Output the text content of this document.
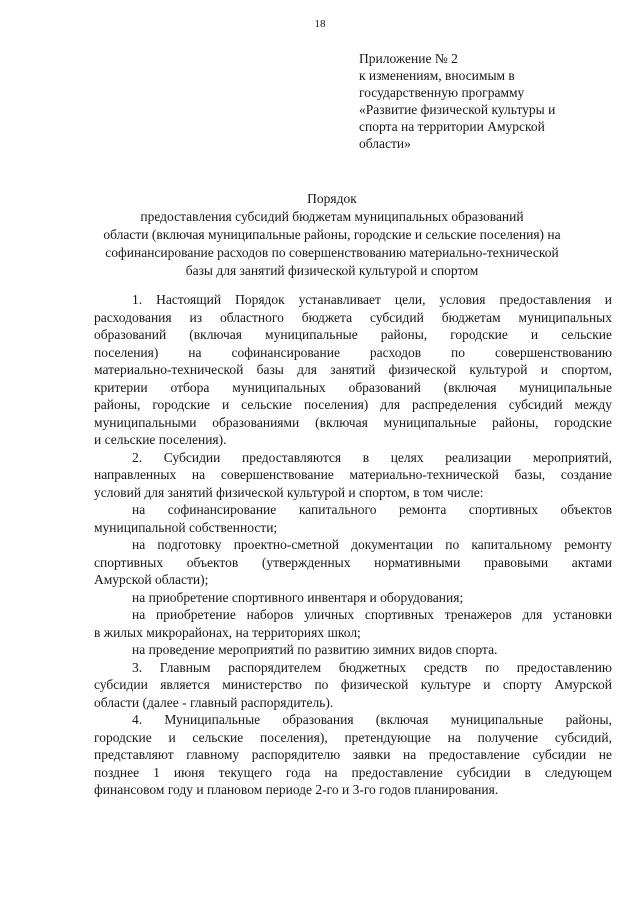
18
Приложение № 2
к изменениям, вносимым в
государственную программу
«Развитие физической культуры и
спорта на территории Амурской
области»
Порядок
предоставления субсидий бюджетам муниципальных образований
области (включая муниципальные районы, городские и сельские поселения) на
софинансирование расходов по совершенствованию материально-технической
базы для занятий физической культурой и спортом

1. Настоящий Порядок устанавливает цели, условия предоставления и
расходования из областного бюджета субсидий бюджетам муниципальных
образований (включая муниципальные районы, городские и сельские
поселения) на софинансирование расходов по совершенствованию
материально-технической базы для занятий физической культурой и спортом,
критерии отбора муниципальных образований (включая муниципальные
районы, городские и сельские поселения) для распределения субсидий между
муниципальными образованиями (включая муниципальные районы, городские
и сельские поселения).

2. Субсидии предоставляются в целях реализации мероприятий,
направленных на совершенствование материально-технической базы, создание
условий для занятий физической культурой и спортом, в том числе:

на софинансирование капитального ремонта спортивных объектов
муниципальной собственности;

на подготовку проектно-сметной документации по капитальному ремонту
спортивных объектов (утвержденных нормативными правовыми актами
Амурской области);

на приобретение спортивного инвентаря и оборудования;

на приобретение наборов уличных спортивных тренажеров для установки
в жилых микрорайонах, на территориях школ;

на проведение мероприятий по развитию зимних видов спорта.

3. Главным распорядителем бюджетных средств по предоставлению
субсидии является министерство по физической культуре и спорту Амурской
области (далее - главный распорядитель).

4. Муниципальные образования (включая муниципальные районы,
городские и сельские поселения), претендующие на получение субсидий,
представляют главному распорядителю заявки на предоставление субсидии не
позднее 1 июня текущего года на предоставление субсидии в следующем
финансовом году и плановом периоде 2-го и 3-го годов планирования.
